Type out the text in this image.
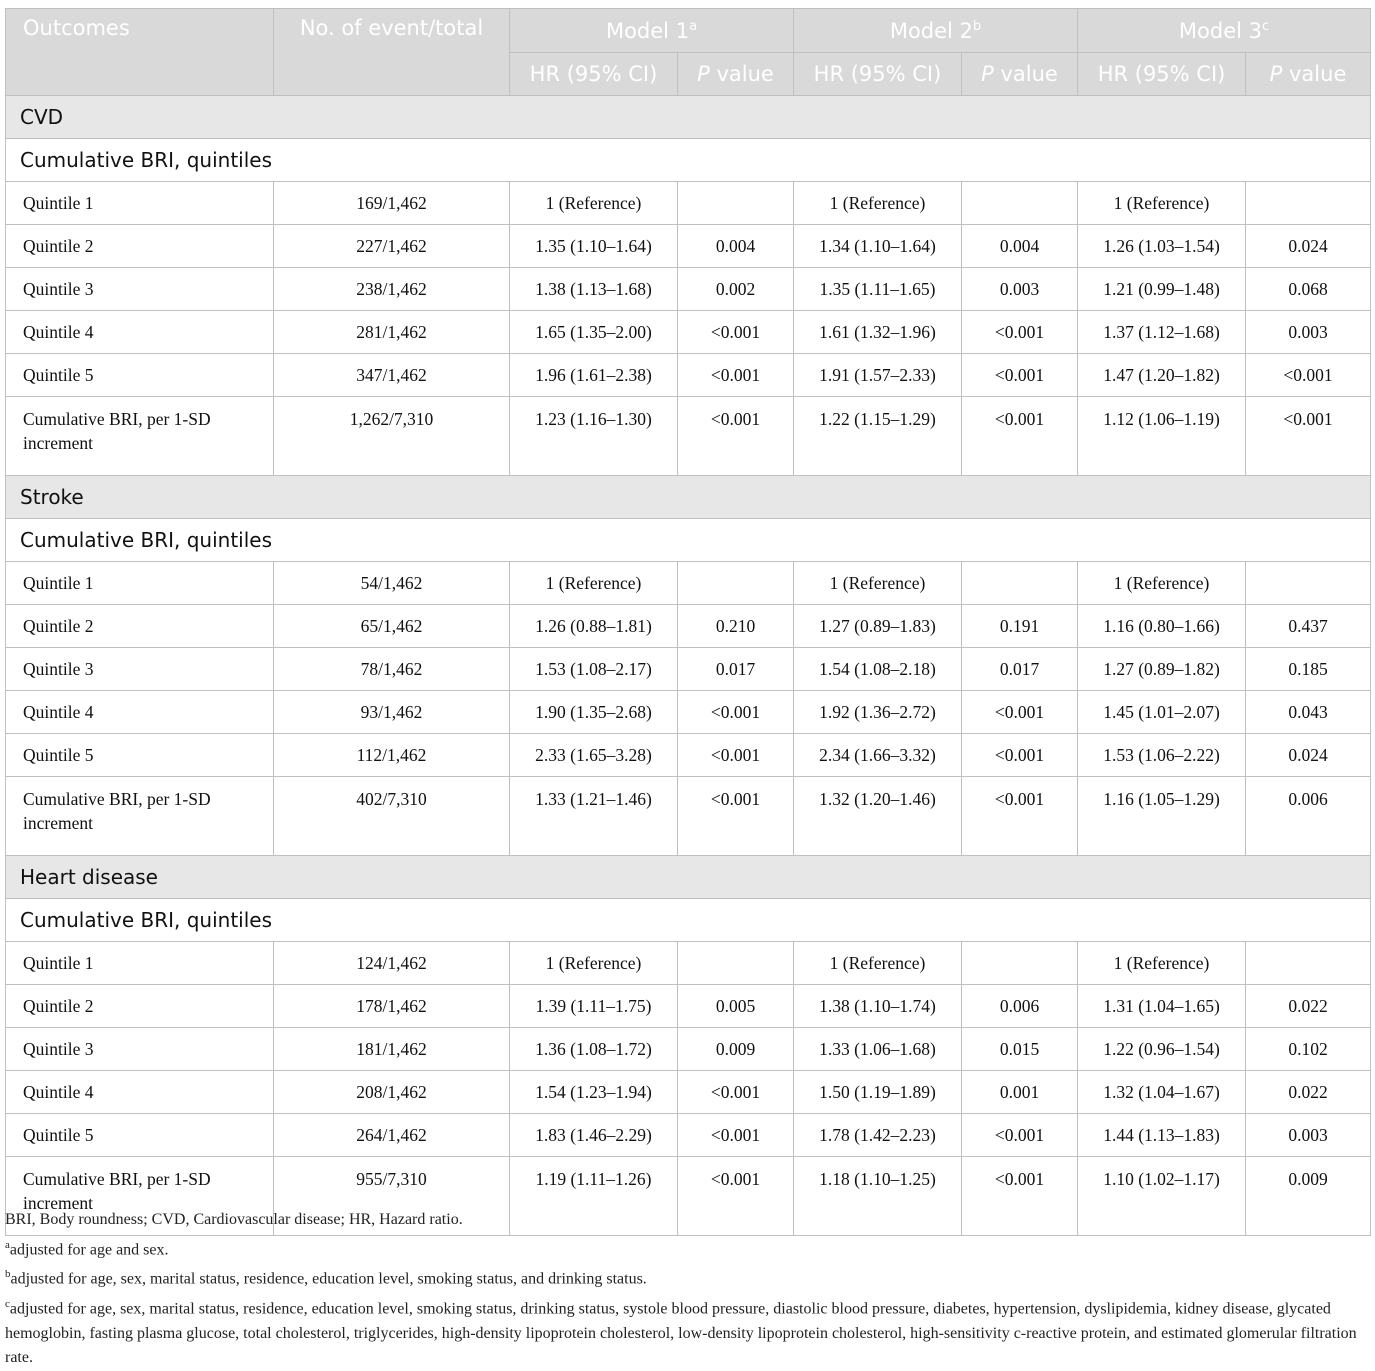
Outcomes	No. of event/total	Model 1$^a$		Model 2$^b$		Model 3$^c$
		HR (95% CI)	P value	HR (95% CI)	P value	HR (95% CI)	P value
CVD							
Cumulative BRI, quintiles							
Quintile 1	169/1,462	1 (Reference)		1 (Reference)		1 (Reference)	
Quintile 2	227/1,462	1.35 (1.10–1.64)	0.004	1.34 (1.10–1.64)	0.004	1.26 (1.03–1.54)	0.024
Quintile 3	238/1,462	1.38 (1.13–1.68)	0.002	1.35 (1.11–1.65)	0.003	1.21 (0.99–1.48)	0.068
Quintile 4	281/1,462	1.65 (1.35–2.00)	<0.001	1.61 (1.32–1.96)	<0.001	1.37 (1.12–1.68)	0.003
Quintile 5	347/1,462	1.96 (1.61–2.38)	<0.001	1.91 (1.57–2.33)	<0.001	1.47 (1.20–1.82)	<0.001
Cumulative BRI, per 1-SD increment	1,262/7,310	1.23 (1.16–1.30)	<0.001	1.22 (1.15–1.29)	<0.001	1.12 (1.06–1.19)	<0.001
Stroke							
Cumulative BRI, quintiles							
Quintile 1	54/1,462	1 (Reference)		1 (Reference)		1 (Reference)	
Quintile 2	65/1,462	1.26 (0.88–1.81)	0.210	1.27 (0.89–1.83)	0.191	1.16 (0.80–1.66)	0.437
Quintile 3	78/1,462	1.53 (1.08–2.17)	0.017	1.54 (1.08–2.18)	0.017	1.27 (0.89–1.82)	0.185
Quintile 4	93/1,462	1.90 (1.35–2.68)	<0.001	1.92 (1.36–2.72)	<0.001	1.45 (1.01–2.07)	0.043
Quintile 5	112/1,462	2.33 (1.65–3.28)	<0.001	2.34 (1.66–3.32)	<0.001	1.53 (1.06–2.22)	0.024
Cumulative BRI, per 1-SD increment	402/7,310	1.33 (1.21–1.46)	<0.001	1.32 (1.20–1.46)	<0.001	1.16 (1.05–1.29)	0.006
Heart disease							
Cumulative BRI, quintiles							
Quintile 1	124/1,462	1 (Reference)		1 (Reference)		1 (Reference)	
Quintile 2	178/1,462	1.39 (1.11–1.75)	0.005	1.38 (1.10–1.74)	0.006	1.31 (1.04–1.65)	0.022
Quintile 3	181/1,462	1.36 (1.08–1.72)	0.009	1.33 (1.06–1.68)	0.015	1.22 (0.96–1.54)	0.102
Quintile 4	208/1,462	1.54 (1.23–1.94)	<0.001	1.50 (1.19–1.89)	0.001	1.32 (1.04–1.67)	0.022
Quintile 5	264/1,462	1.83 (1.46–2.29)	<0.001	1.78 (1.42–2.23)	<0.001	1.44 (1.13–1.83)	0.003
Cumulative BRI, per 1-SD increment	955/7,310	1.19 (1.11–1.26)	<0.001	1.18 (1.10–1.25)	<0.001	1.10 (1.02–1.17)	0.009

BRI, Body roundness; CVD, Cardiovascular disease; HR, Hazard ratio.

$^a$adjusted for age and sex.

$^b$adjusted for age, sex, marital status, residence, education level, smoking status, and drinking status.

$^c$adjusted for age, sex, marital status, residence, education level, smoking status, drinking status, systole blood pressure, diastolic blood pressure, diabetes, hypertension, dyslipidemia, kidney disease, glycated hemoglobin, fasting plasma glucose, total cholesterol, triglycerides, high-density lipoprotein cholesterol, low-density lipoprotein cholesterol, high-sensitivity c-reactive protein, and estimated glomerular filtration rate.
